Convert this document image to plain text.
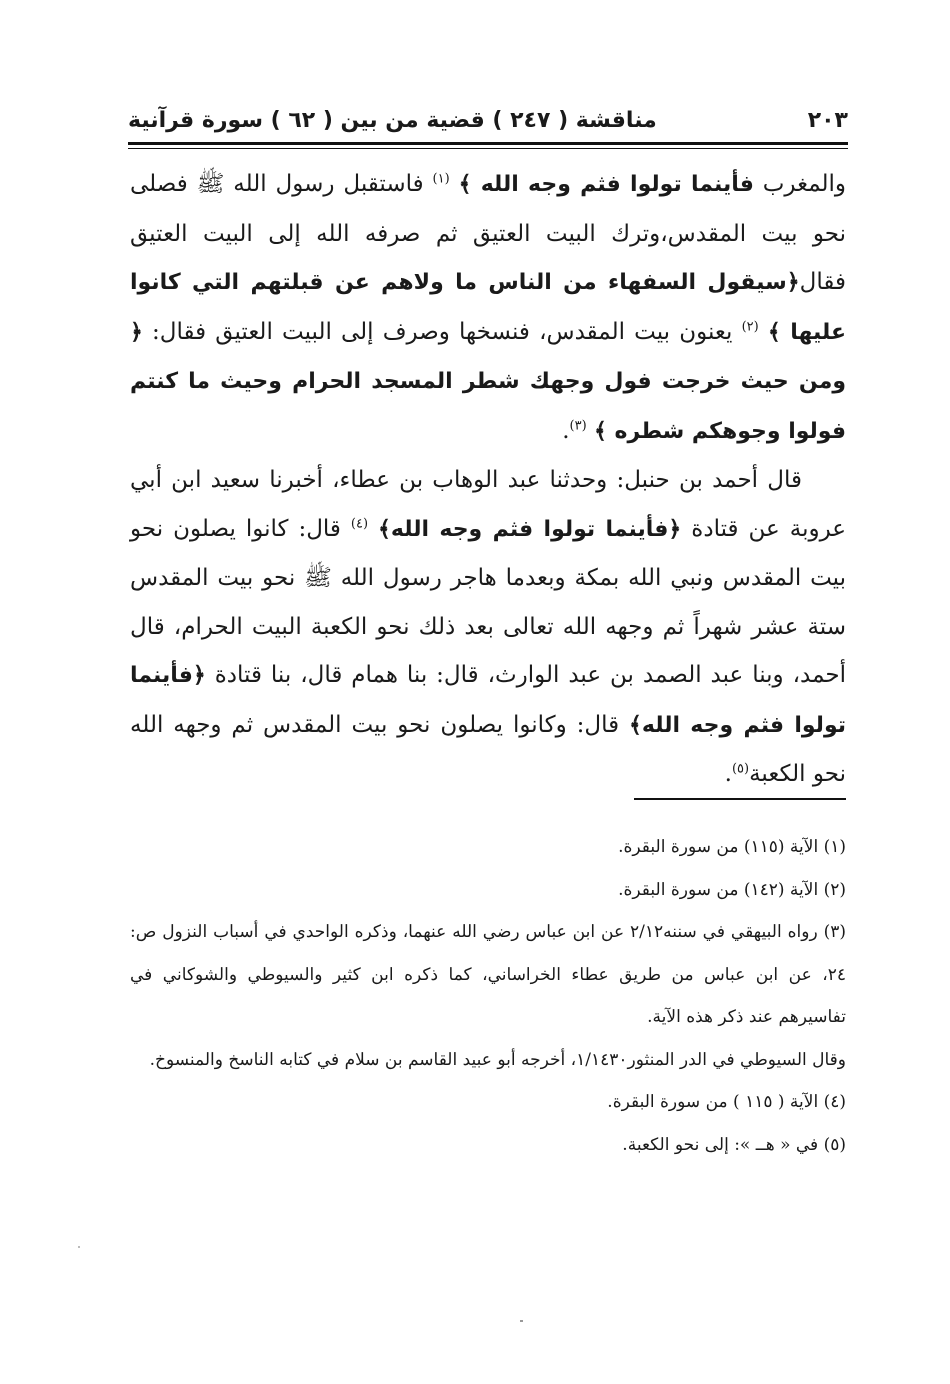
٢٠٣
مناقشة ( ٢٤٧ ) قضية من بين ( ٦٢ ) سورة قرآنية

والمغرب فأينما تولوا فثم وجه الله ﴾ $^{(١)}$ فاستقبل رسول الله ﷺ فصلى نحو بيت المقدس،وترك البيت العتيق ثم صرفه الله إلى البيت العتيق فقال﴿سيقول السفهاء من الناس ما ولاهم عن قبلتهم التي كانوا عليها ﴾ $^{(٢)}$ يعنون بيت المقدس، فنسخها وصرف إلى البيت العتيق فقال: ﴿ ومن حيث خرجت فول وجهك شطر المسجد الحرام وحيث ما كنتم فولوا وجوهكم شطره ﴾ $^{(٣)}$.

قال أحمد بن حنبل: وحدثنا عبد الوهاب بن عطاء، أخبرنا سعيد ابن أبي عروبة عن قتادة ﴿فأينما تولوا فثم وجه الله﴾ $^{(٤)}$ قال: كانوا يصلون نحو بيت المقدس ونبي الله بمكة وبعدما هاجر رسول الله ﷺ نحو بيت المقدس ستة عشر شهراً ثم وجهه الله تعالى بعد ذلك نحو الكعبة البيت الحرام، قال أحمد، وبنا عبد الصمد بن عبد الوارث، قال: بنا همام قال، بنا قتادة ﴿فأينما تولوا فثم وجه الله﴾ قال: وكانوا يصلون نحو بيت المقدس ثم وجهه الله نحو الكعبة$^{(٥)}$.

(١) الآية (١١٥) من سورة البقرة.

(٢) الآية (١٤٢) من سورة البقرة.

(٣) رواه البيهقي في سننه٢/١٢ عن ابن عباس رضي الله عنهما، وذكره الواحدي في أسباب النزول ص: ٢٤، عن ابن عباس من طريق عطاء الخراساني، كما ذكره ابن كثير والسيوطي والشوكاني في تفاسيرهم عند ذكر هذه الآية.

وقال السيوطي في الدر المنثور١/١٤٣٠، أخرجه أبو عبيد القاسم بن سلام في كتابه الناسخ والمنسوخ.

(٤) الآية ( ١١٥ ) من سورة البقرة.

(٥) في « هــ »: إلى نحو الكعبة.
